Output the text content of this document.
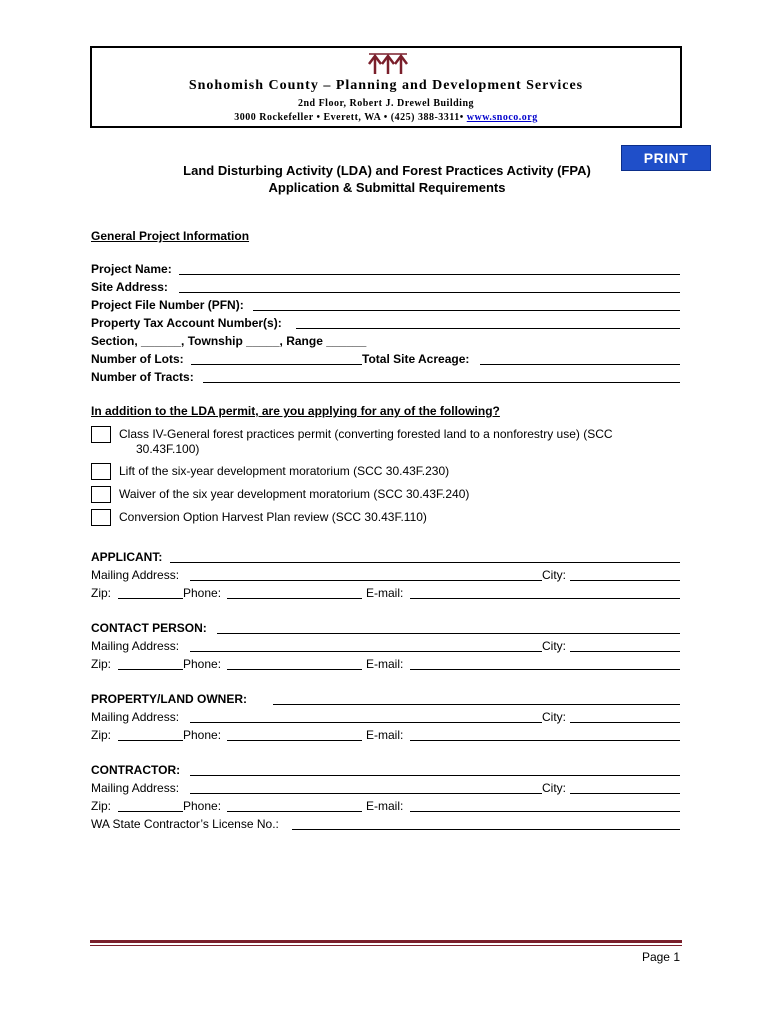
Snohomish County – Planning and Development Services
2nd Floor, Robert J. Drewel Building
3000 Rockefeller • Everett, WA • (425) 388-3311• www.snoco.org
PRINT
Land Disturbing Activity (LDA) and Forest Practices Activity (FPA)
Application & Submittal Requirements
General Project Information
Project Name:
Site Address:
Project File Number (PFN):
Property Tax Account Number(s):
Section, ______, Township _____, Range ______
Number of Lots:	Total Site Acreage:
Number of Tracts:
In addition to the LDA permit, are you applying for any of the following?
Class IV-General forest practices permit (converting forested land to a nonforestry use) (SCC
30.43F.100)
Lift of the six-year development moratorium (SCC 30.43F.230)
Waiver of the six year development moratorium (SCC 30.43F.240)
Conversion Option Harvest Plan review (SCC 30.43F.110)
APPLICANT:
Mailing Address:	City:
Zip:	Phone:	E-mail:
CONTACT PERSON:
Mailing Address:	City:
Zip:	Phone:	E-mail:
PROPERTY/LAND OWNER:
Mailing Address:	City:
Zip:	Phone:	E-mail:
CONTRACTOR:
Mailing Address:	City:
Zip:	Phone:	E-mail:
WA State Contractor’s License No.:
Page 1
